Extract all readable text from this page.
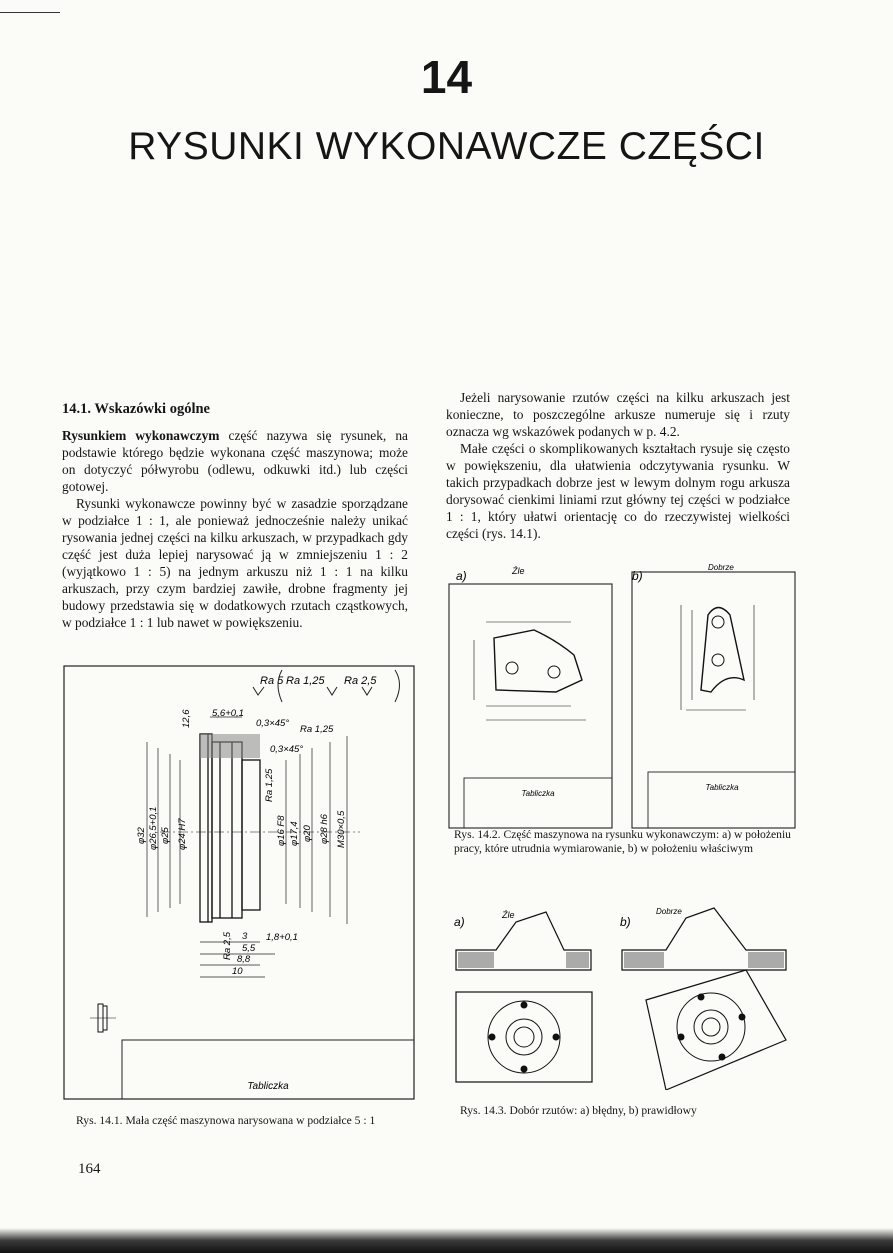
14
RYSUNKI WYKONAWCZE CZĘŚCI
14.1. Wskazówki ogólne

Rysunkiem wykonawczym część nazywa się rysunek, na podstawie którego będzie wykonana część maszynowa; może on dotyczyć półwyrobu (odlewu, odkuwki itd.) lub części gotowej.

Rysunki wykonawcze powinny być w zasadzie sporządzane w podziałce 1 : 1, ale ponieważ jednocześnie należy unikać rysowania jednej części na kilku arkuszach, w przypadkach gdy część jest duża lepiej narysować ją w zmniejszeniu 1 : 2 (wyjątkowo 1 : 5) na jednym arkuszu niż 1 : 1 na kilku arkuszach, przy czym bardziej zawiłe, drobne fragmenty jej budowy przedstawia się w dodatkowych rzutach cząstkowych, w podziałce 1 : 1 lub nawet w powiększeniu.

Jeżeli narysowanie rzutów części na kilku arkuszach jest konieczne, to poszczególne arkusze numeruje się i rzuty oznacza wg wskazówek podanych w p. 4.2.

Małe części o skomplikowanych kształtach rysuje się często w powiększeniu, dla ułatwienia odczytywania rysunku. W takich przypadkach dobrze jest w lewym dolnym rogu arkusza dorysować cienkimi liniami rzut główny tej części w podziałce 1 : 1, który ułatwi orientację co do rzeczywistej wielkości części (rys. 14.1).

Tabliczka
Ra 5 Ra 1,25 Ra 2,5
12,6 5,6+0,1
0,3×45°
Ra 1,25
0,3×45°
φ32 φ26,5+0,1 φ25 φ24 H7
Ra 1,25
φ16 F8 φ17,4 φ20 φ28 h6 M30×0,5
Ra 2,5 3 1,8+0,1
5,5
8,8
10
Rys. 14.1. Mała część maszynowa narysowana w podziałce 5 : 1
a)	Źle	b)
Dobrze
Tabliczka
Tabliczka
Rys. 14.2. Część maszynowa na rysunku wykonawczym: a) w położeniu pracy, które utrudnia wymiarowanie, b) w położeniu właściwym
a)	Źle	b)
Dobrze
Rys. 14.3. Dobór rzutów: a) błędny, b) prawidłowy
164
